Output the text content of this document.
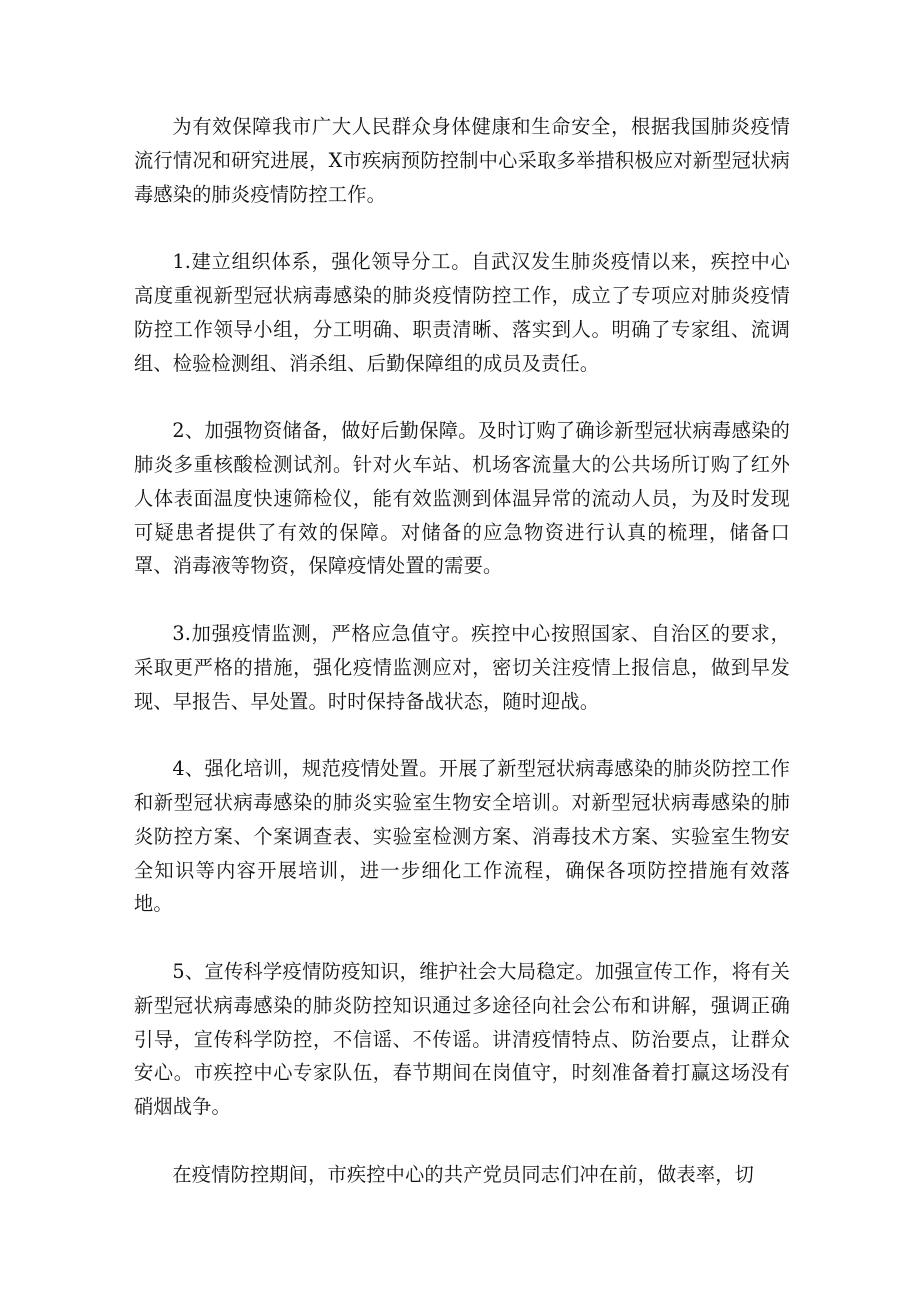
为有效保障我市广大人民群众身体健康和生命安全，根据我国肺炎疫情流行情况和研究进展，X市疾病预防控制中心采取多举措积极应对新型冠状病毒感染的肺炎疫情防控工作。

1.建立组织体系，强化领导分工。自武汉发生肺炎疫情以来，疾控中心高度重视新型冠状病毒感染的肺炎疫情防控工作，成立了专项应对肺炎疫情防控工作领导小组，分工明确、职责清晰、落实到人。明确了专家组、流调组、检验检测组、消杀组、后勤保障组的成员及责任。

2、加强物资储备，做好后勤保障。及时订购了确诊新型冠状病毒感染的肺炎多重核酸检测试剂。针对火车站、机场客流量大的公共场所订购了红外人体表面温度快速筛检仪，能有效监测到体温异常的流动人员，为及时发现可疑患者提供了有效的保障。对储备的应急物资进行认真的梳理，储备口罩、消毒液等物资，保障疫情处置的需要。

3.加强疫情监测，严格应急值守。疾控中心按照国家、自治区的要求，采取更严格的措施，强化疫情监测应对，密切关注疫情上报信息，做到早发现、早报告、早处置。时时保持备战状态，随时迎战。

4、强化培训，规范疫情处置。开展了新型冠状病毒感染的肺炎防控工作和新型冠状病毒感染的肺炎实验室生物安全培训。对新型冠状病毒感染的肺炎防控方案、个案调查表、实验室检测方案、消毒技术方案、实验室生物安全知识等内容开展培训，进一步细化工作流程，确保各项防控措施有效落地。

5、宣传科学疫情防疫知识，维护社会大局稳定。加强宣传工作，将有关新型冠状病毒感染的肺炎防控知识通过多途径向社会公布和讲解，强调正确引导，宣传科学防控，不信谣、不传谣。讲清疫情特点、防治要点，让群众安心。市疾控中心专家队伍，春节期间在岗值守，时刻准备着打赢这场没有硝烟战争。

在疫情防控期间，市疾控中心的共产党员同志们冲在前，做表率，切
